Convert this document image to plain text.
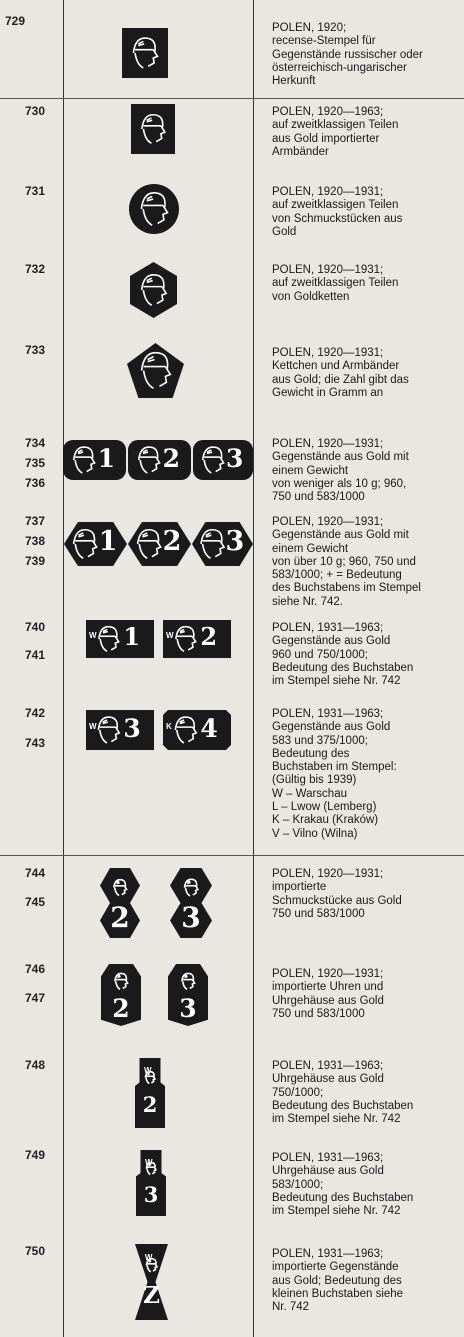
729	POLEN, 1920;
recense-Stempel für
Gegenstände russischer oder
österreichisch-ungarischer
Herkunft
730	POLEN, 1920—1963;
auf zweitklassigen Teilen
aus Gold importierter
Armbänder
731	POLEN, 1920—1931;
auf zweitklassigen Teilen
von Schmuckstücken aus
Gold
732	POLEN, 1920—1931;
auf zweitklassigen Teilen
von Goldketten
733	POLEN, 1920—1931;
Kettchen und Armbänder
aus Gold; die Zahl gibt das
Gewicht in Gramm an
734
735
736
POLEN, 1920—1931;
Gegenstände aus Gold mit
einem Gewicht
von weniger als 10 g; 960,
750 und 583/1000
1	2	3
737
738
739
POLEN, 1920—1931;
Gegenstände aus Gold mit
einem Gewicht
von über 10 g; 960, 750 und
583/1000; + = Bedeutung
des Buchstabens im Stempel
siehe Nr. 742.
1	2	3
740
741
POLEN, 1931—1963;
Gegenstände aus Gold
960 und 750/1000;
Bedeutung des Buchstaben
im Stempel siehe Nr. 742
W 1	W 2
742
743
POLEN, 1931—1963;
Gegenstände aus Gold
583 und 375/1000;
Bedeutung des
Buchstaben im Stempel:
(Gültig bis 1939)
W – Warschau
L – Lwow (Lemberg)
K – Krakau (Kraków)
V – Vilno (Wilna)
W 3	K 4
744
745
POLEN, 1920—1931;
importierte
Schmuckstücke aus Gold
750 und 583/1000
2	3
746
747
POLEN, 1920—1931;
importierte Uhren und
Uhrgehäuse aus Gold
750 und 583/1000
2	3
748	POLEN, 1931—1963;
Uhrgehäuse aus Gold
750/1000;
Bedeutung des Buchstaben
im Stempel siehe Nr. 742
W
2
749	POLEN, 1931—1963;
Uhrgehäuse aus Gold
583/1000;
Bedeutung des Buchstaben
im Stempel siehe Nr. 742
W
3
750	POLEN, 1931—1963;
importierte Gegenstände
aus Gold; Bedeutung des
kleinen Buchstaben siehe
Nr. 742
W
Z
